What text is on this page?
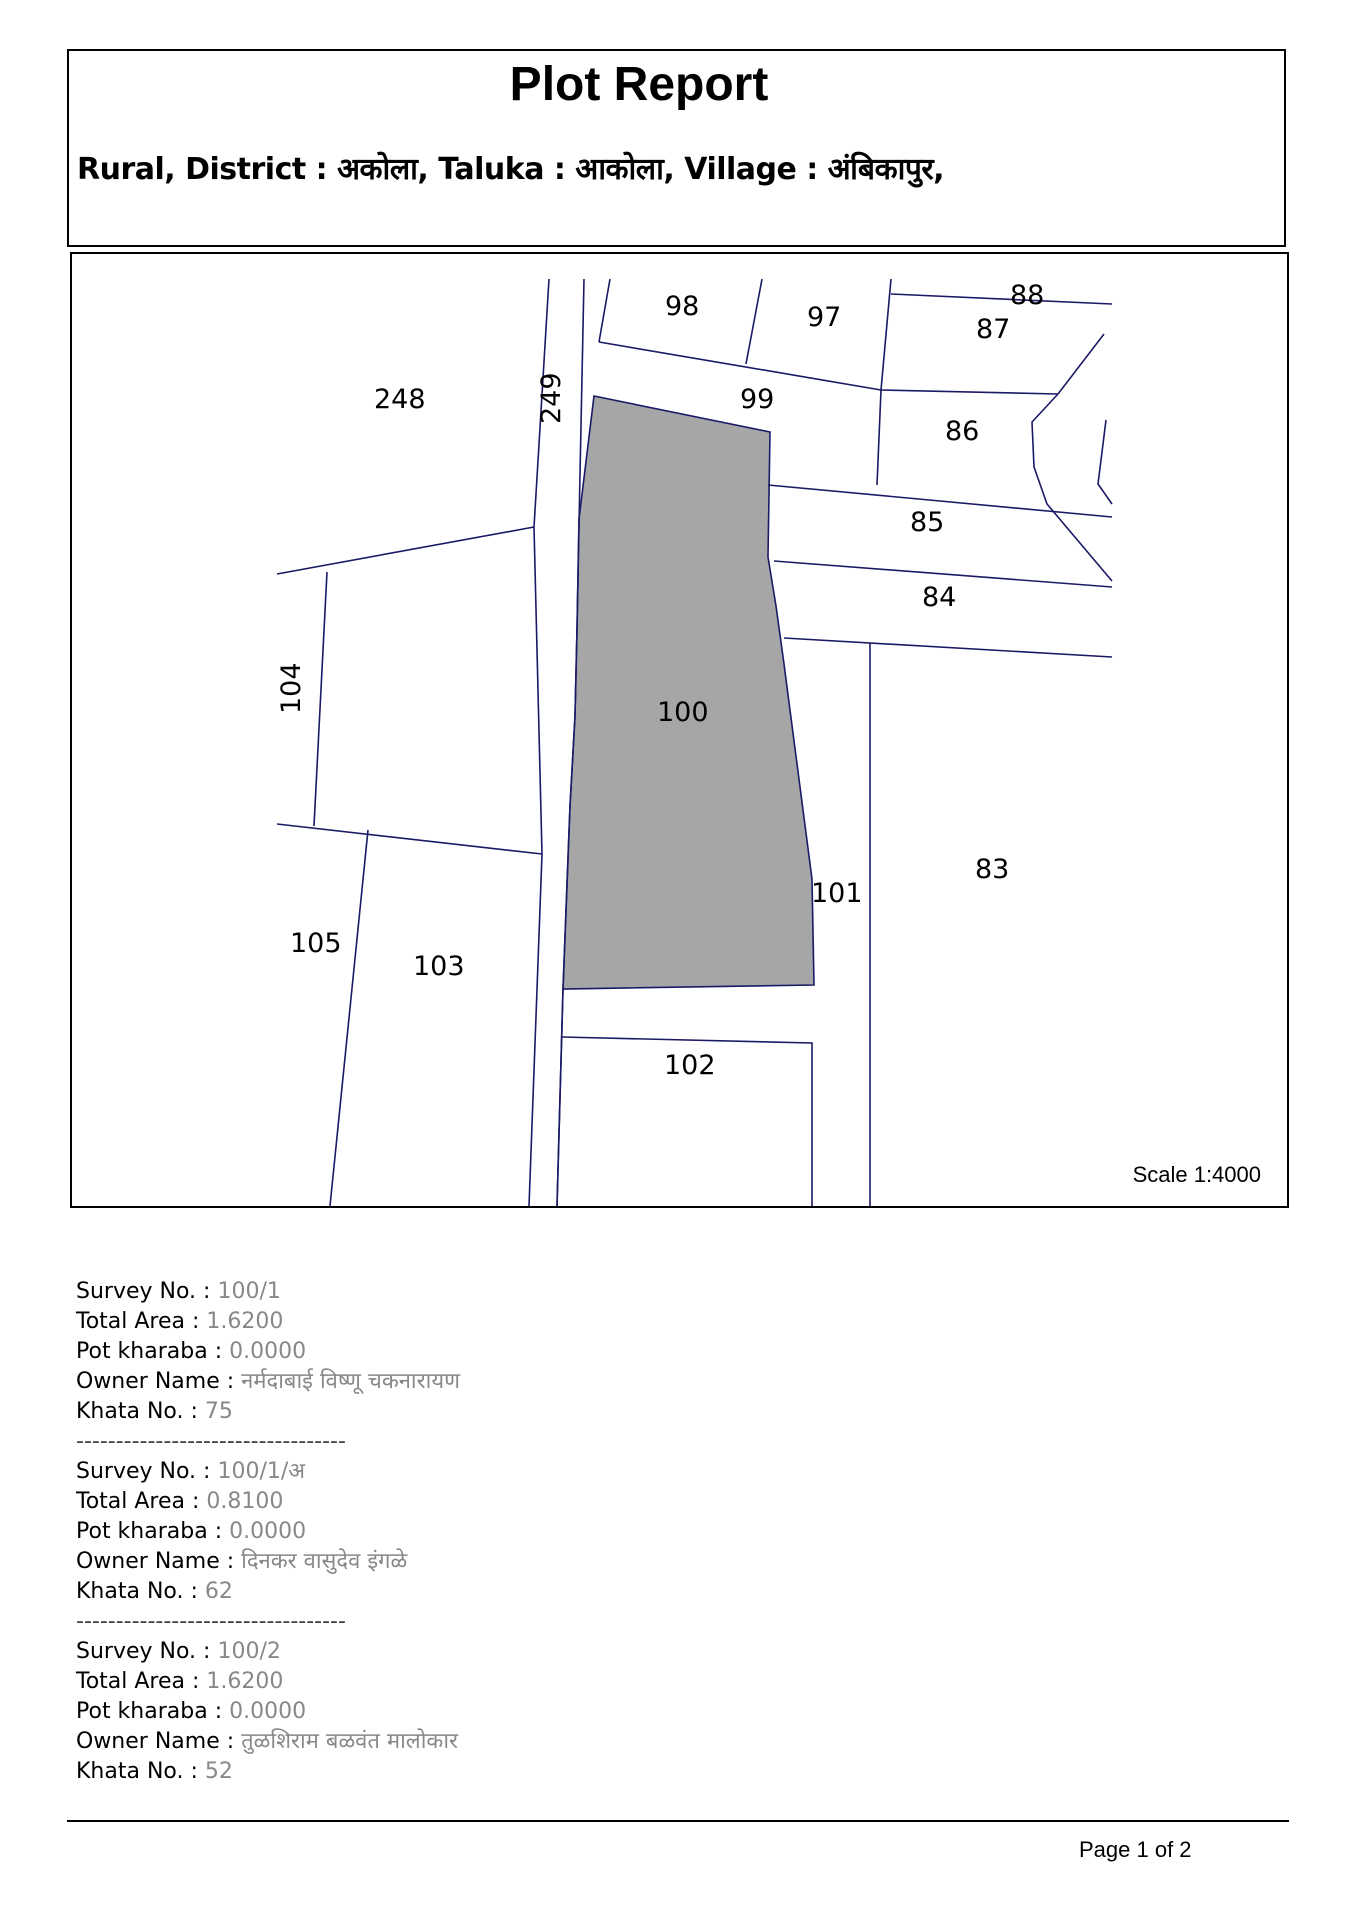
Plot Report
Rural, District : अकोला, Taluka : आकोला, Village : अंबिकापुर,
98	97
88
87
248	249	99
86
85
84
104	100
83
101
105
103
102
Scale 1:4000
Survey No. : 100/1
Total Area : 1.6200
Pot kharaba : 0.0000
Owner Name : नर्मदाबाई विष्णू चकनारायण
Khata No. : 75
----------------------------------
Survey No. : 100/1/अ
Total Area : 0.8100
Pot kharaba : 0.0000
Owner Name : दिनकर वासुदेव इंगळे
Khata No. : 62
----------------------------------
Survey No. : 100/2
Total Area : 1.6200
Pot kharaba : 0.0000
Owner Name : तुळशिराम बळवंत मालोकार
Khata No. : 52
Page 1 of 2
